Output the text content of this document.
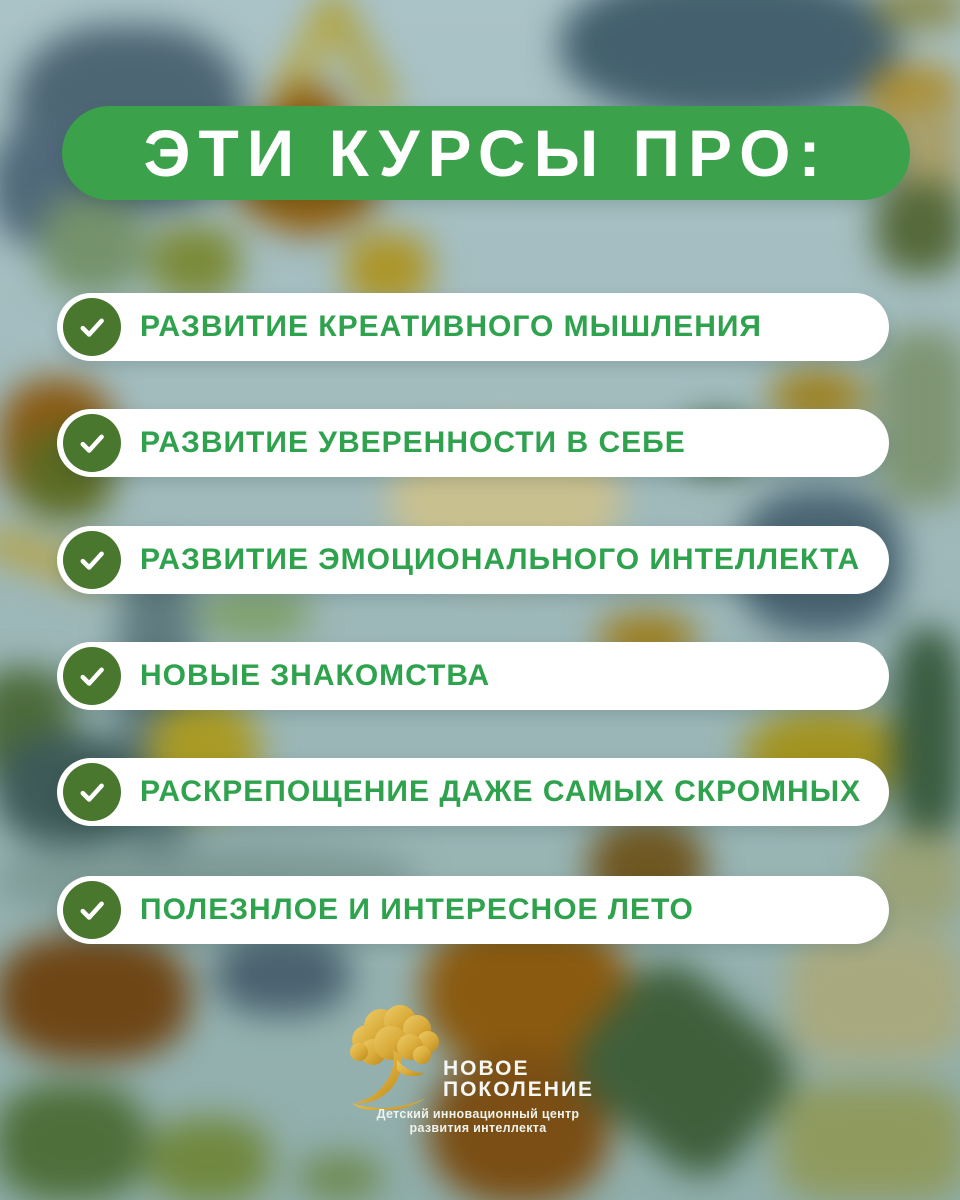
ЭТИ КУРСЫ ПРО:
РАЗВИТИЕ КРЕАТИВНОГО МЫШЛЕНИЯ
РАЗВИТИЕ УВЕРЕННОСТИ В СЕБЕ
РАЗВИТИЕ ЭМОЦИОНАЛЬНОГО ИНТЕЛЛЕКТА
НОВЫЕ ЗНАКОМСТВА
РАСКРЕПОЩЕНИЕ ДАЖЕ САМЫХ СКРОМНЫХ
ПОЛЕЗНЛОЕ И ИНТЕРЕСНОЕ ЛЕТО
НОВОЕ
ПОКОЛЕНИЕ
Детский инновационный центр
развития интеллекта
